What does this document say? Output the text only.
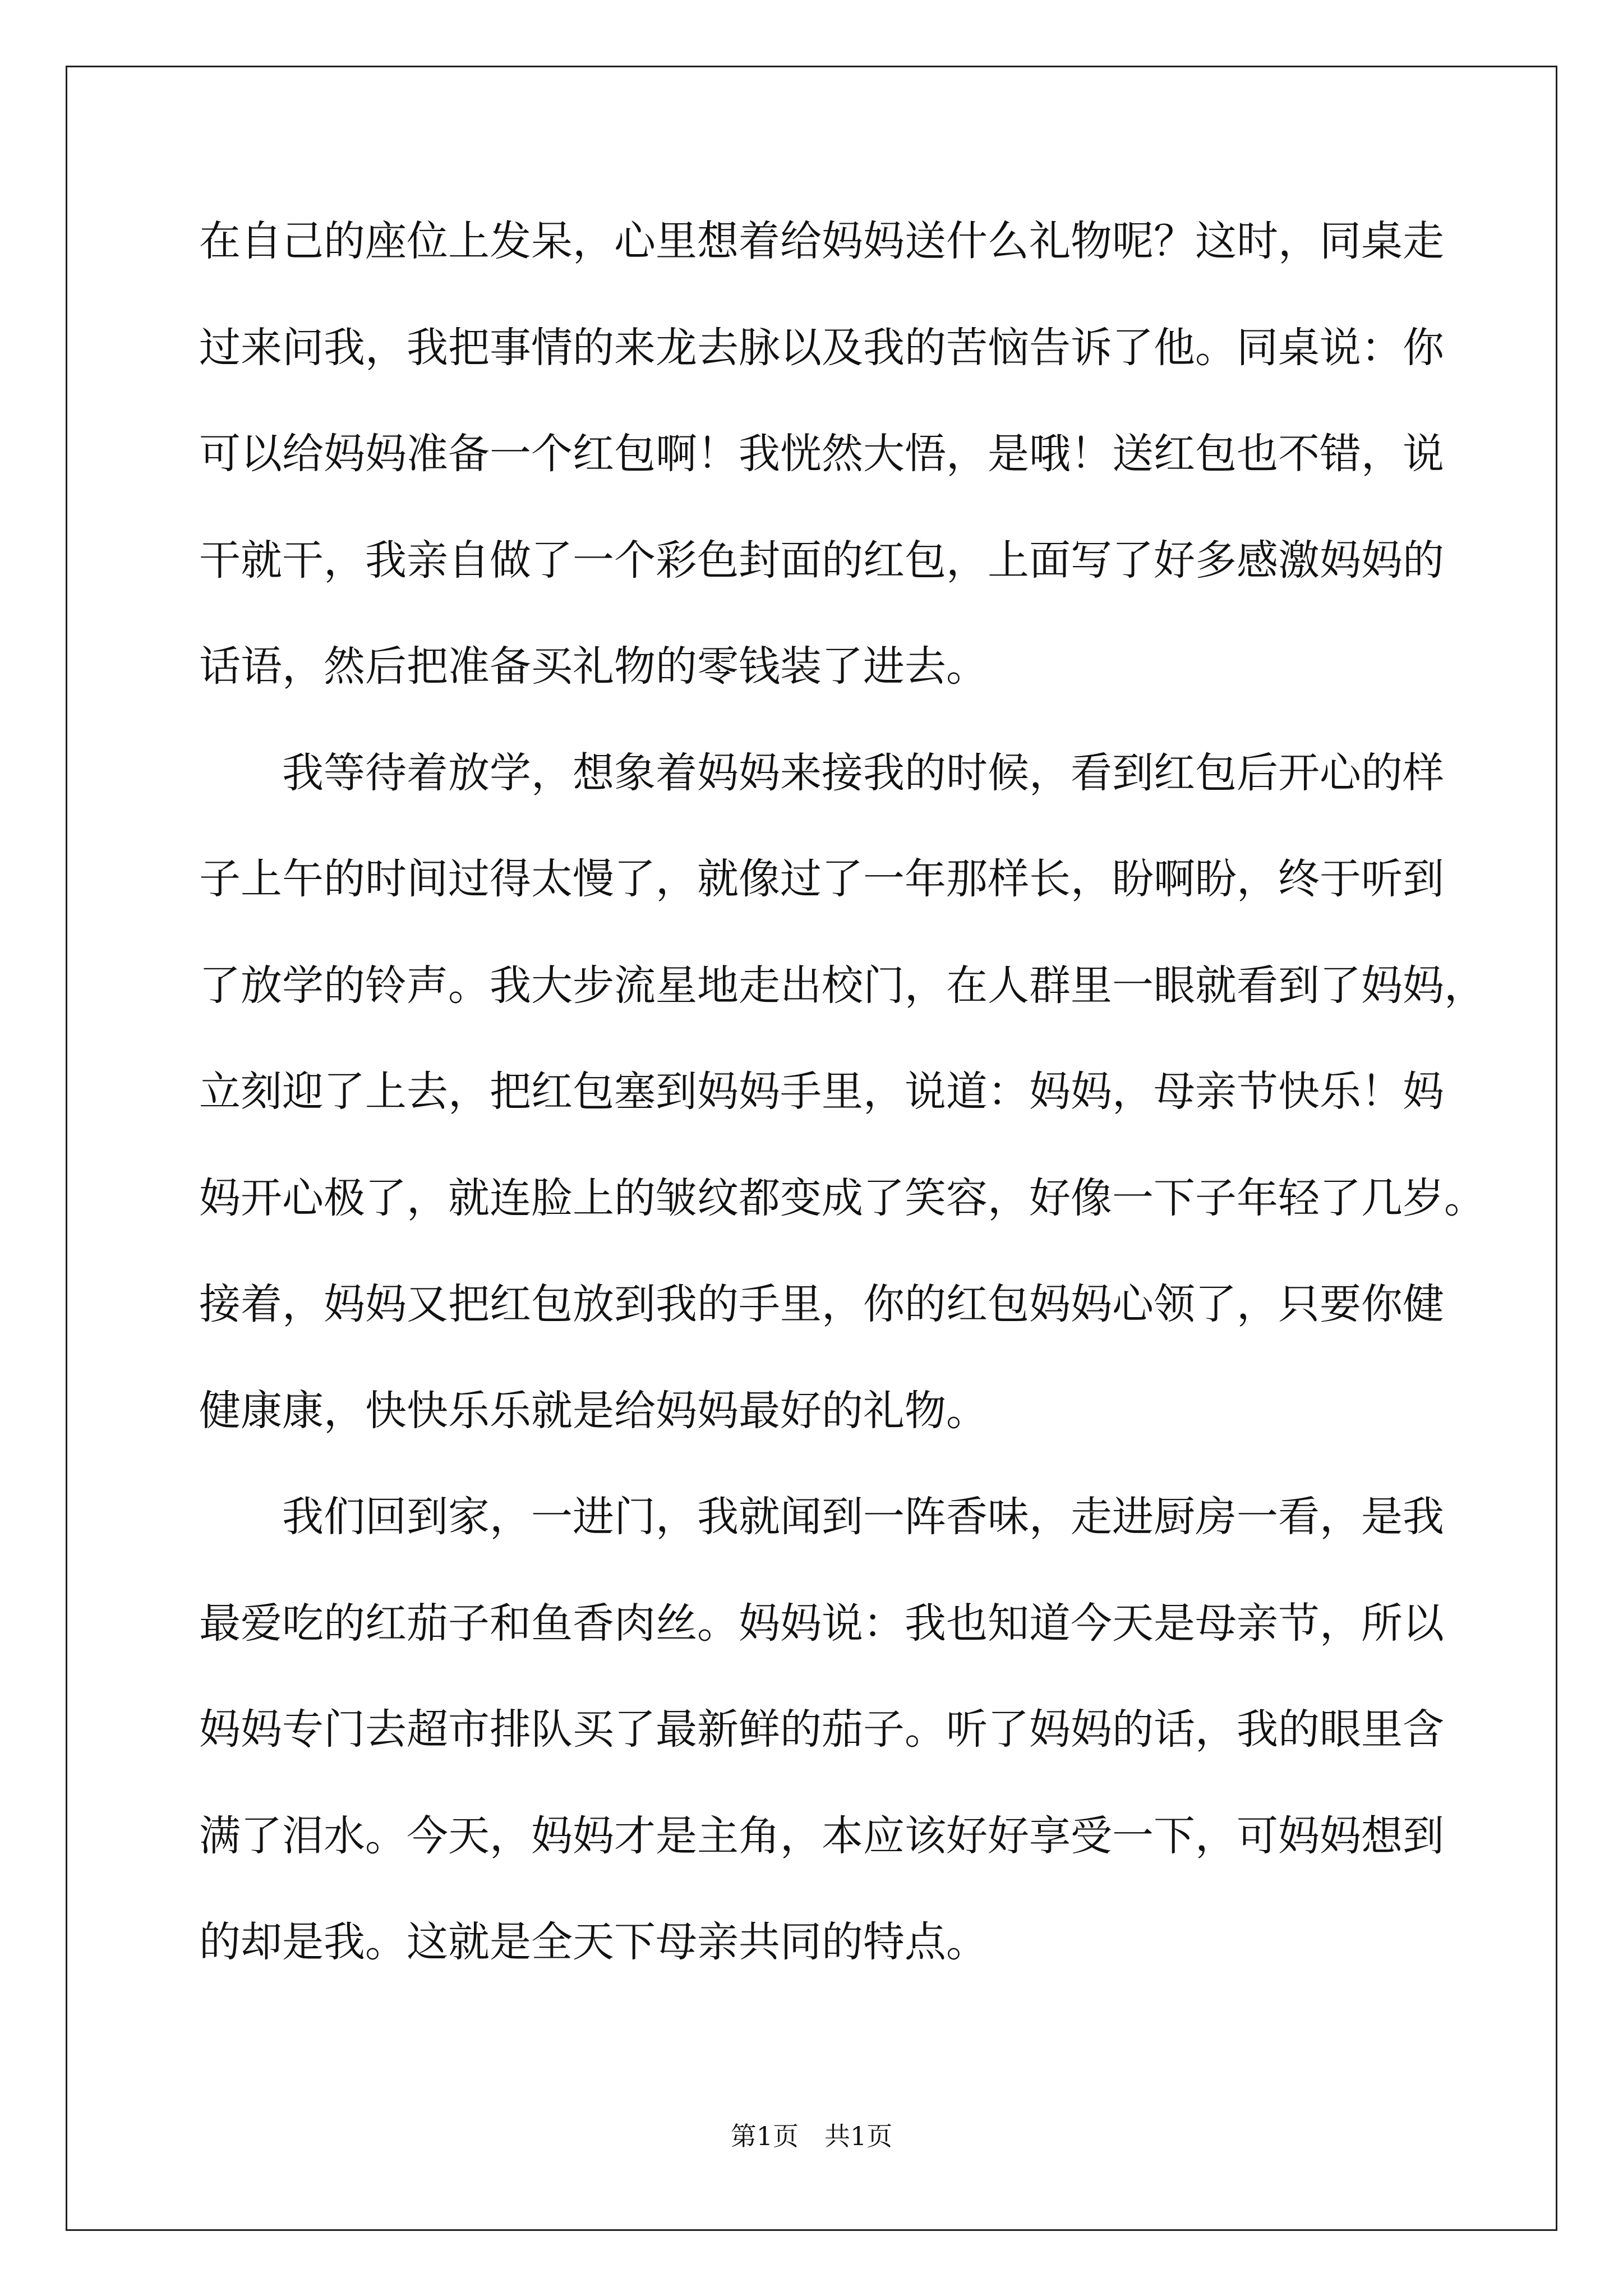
在自己的座位上发呆，心里想着给妈妈送什么礼物呢？这时，同桌走
过来问我，我把事情的来龙去脉以及我的苦恼告诉了他。同桌说：你
可以给妈妈准备一个红包啊！我恍然大悟，是哦！送红包也不错，说
干就干，我亲自做了一个彩色封面的红包，上面写了好多感激妈妈的
话语，然后把准备买礼物的零钱装了进去。
我等待着放学，想象着妈妈来接我的时候，看到红包后开心的样
子上午的时间过得太慢了，就像过了一年那样长，盼啊盼，终于听到
了放学的铃声。我大步流星地走出校门，在人群里一眼就看到了妈妈，
立刻迎了上去，把红包塞到妈妈手里，说道：妈妈，母亲节快乐！妈
妈开心极了，就连脸上的皱纹都变成了笑容，好像一下子年轻了几岁。
接着，妈妈又把红包放到我的手里，你的红包妈妈心领了，只要你健
健康康，快快乐乐就是给妈妈最好的礼物。
我们回到家，一进门，我就闻到一阵香味，走进厨房一看，是我
最爱吃的红茄子和鱼香肉丝。妈妈说：我也知道今天是母亲节，所以
妈妈专门去超市排队买了最新鲜的茄子。听了妈妈的话，我的眼里含
满了泪水。今天，妈妈才是主角，本应该好好享受一下，可妈妈想到
的却是我。这就是全天下母亲共同的特点。
第1页 共1页
